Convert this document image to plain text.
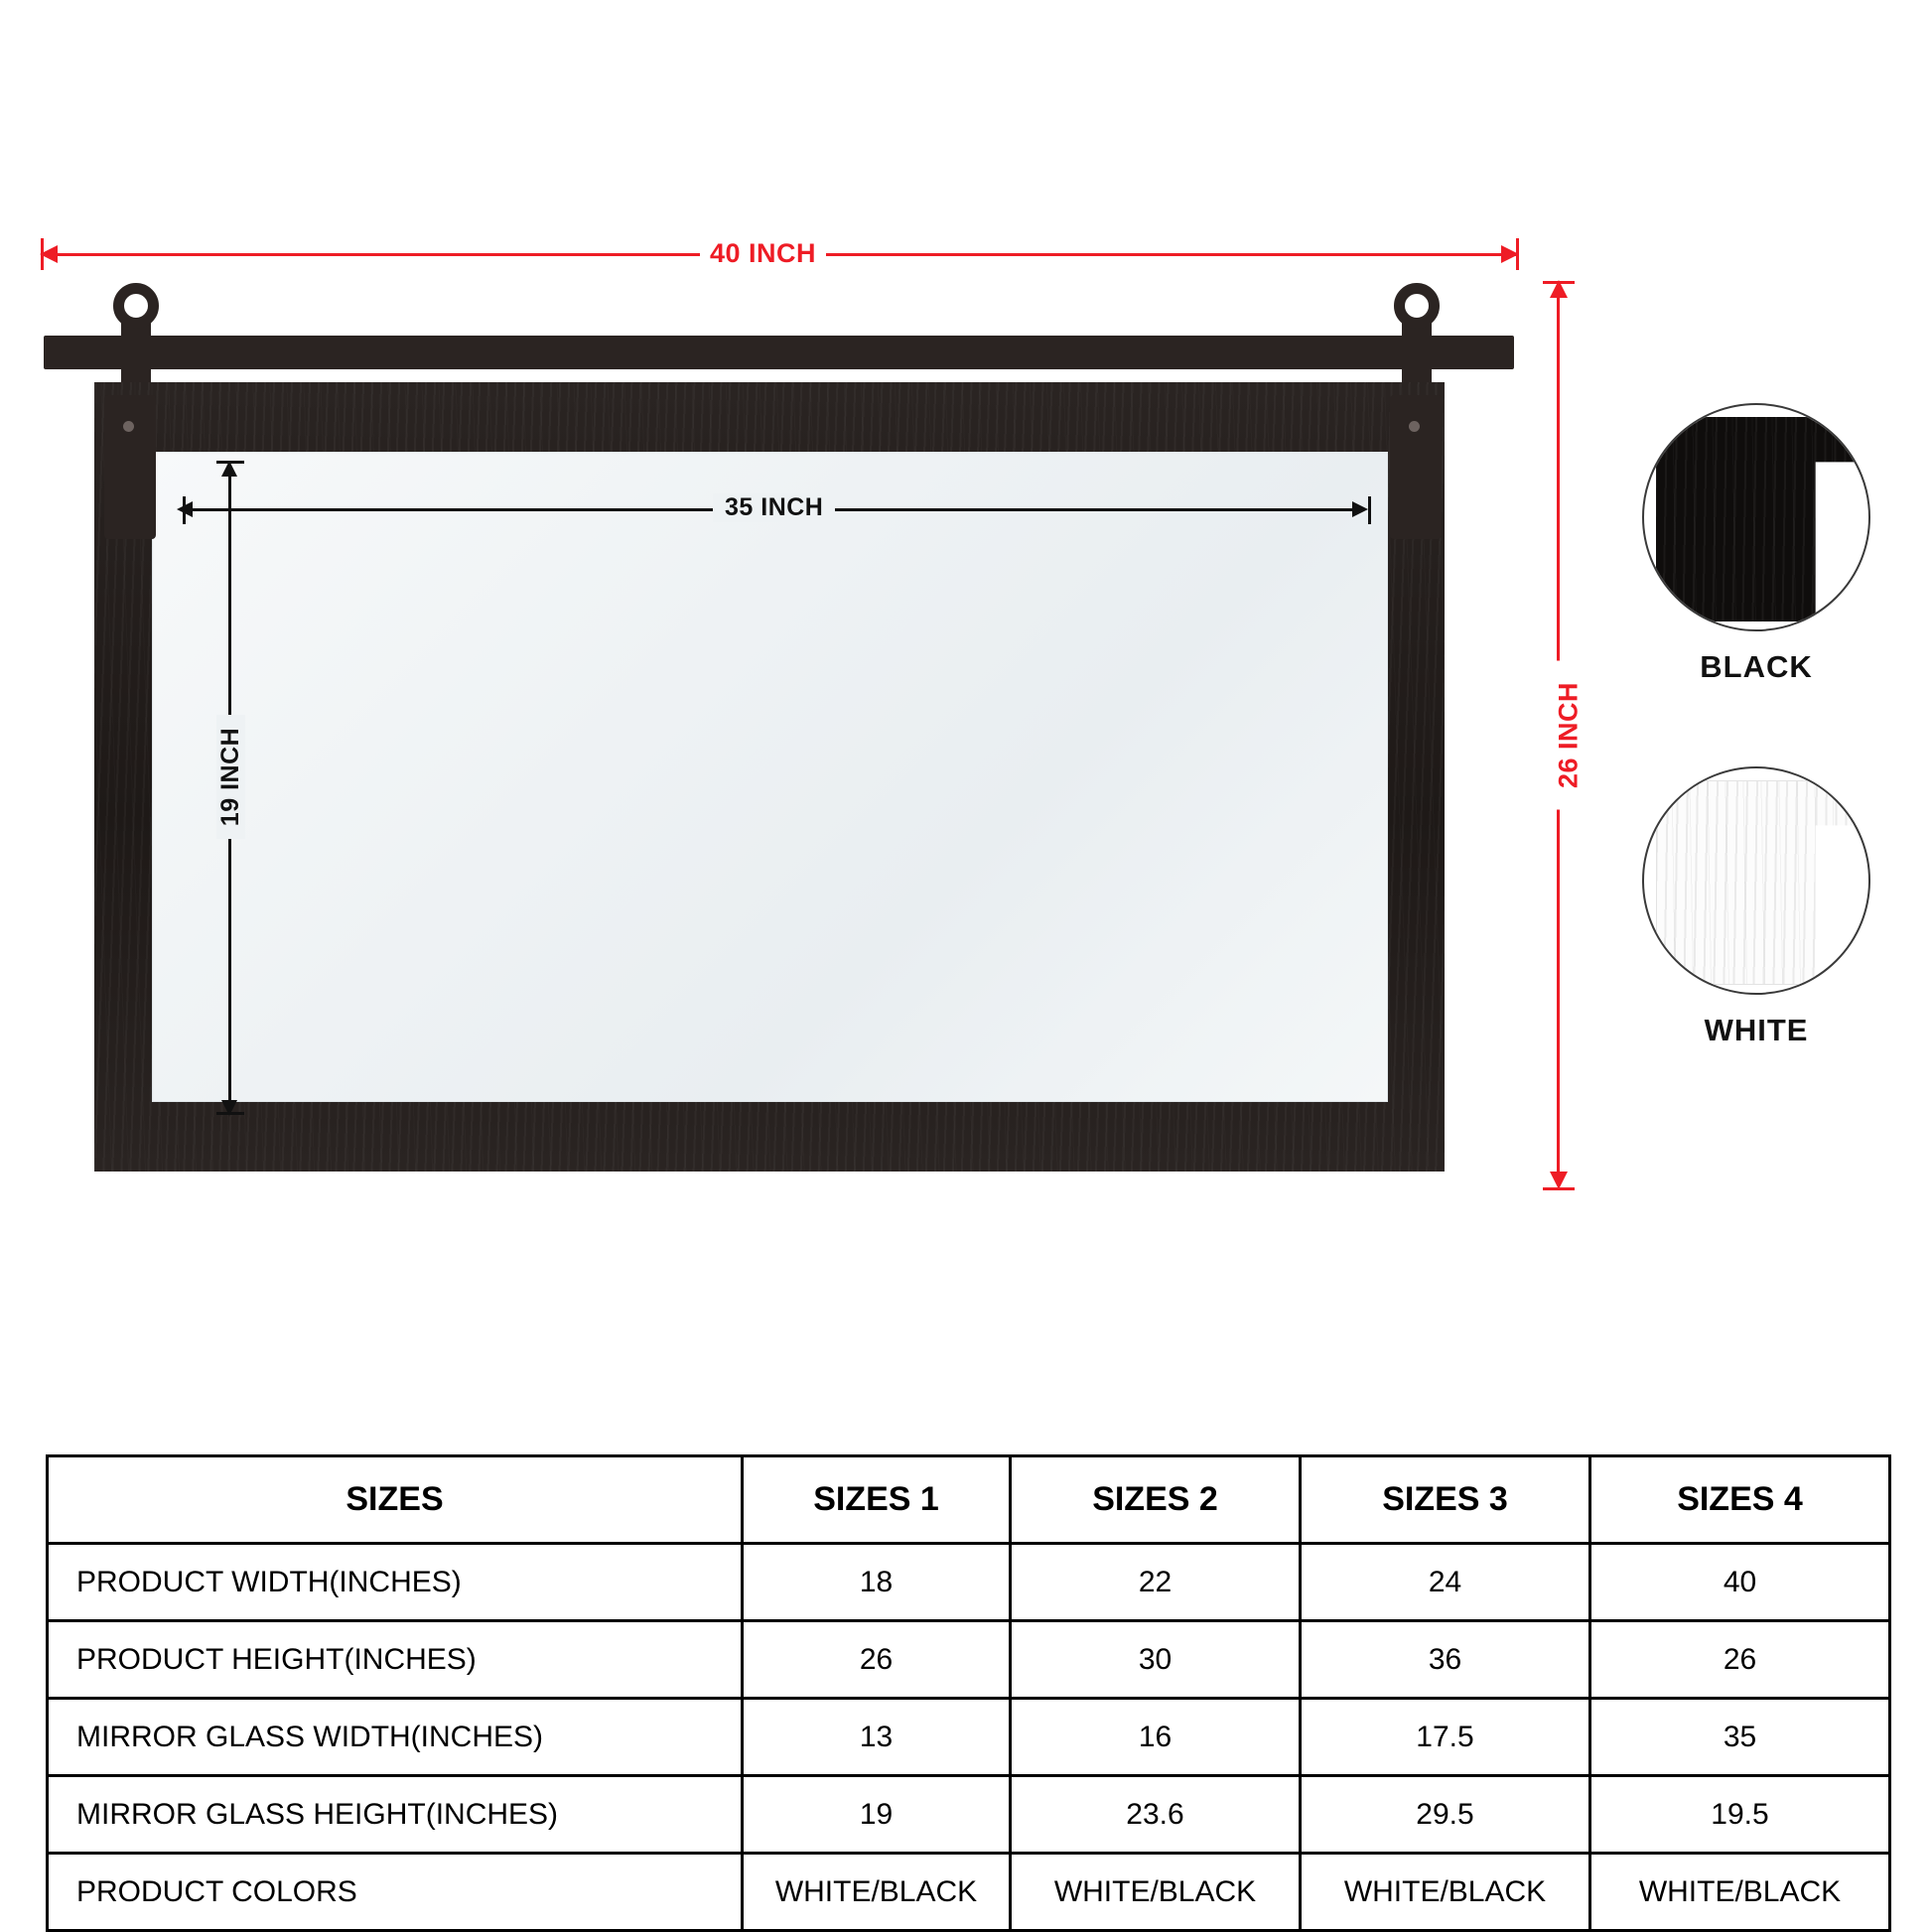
40 INCH
26 INCH
35 INCH
19 INCH
BLACK
WHITE
SIZES	SIZES 1	SIZES 2	SIZES 3	SIZES 4
PRODUCT WIDTH(INCHES)	18	22	24	40
PRODUCT HEIGHT(INCHES)	26	30	36	26
MIRROR GLASS WIDTH(INCHES)	13	16	17.5	35
MIRROR GLASS HEIGHT(INCHES)	19	23.6	29.5	19.5
PRODUCT COLORS	WHITE/BLACK	WHITE/BLACK	WHITE/BLACK	WHITE/BLACK
